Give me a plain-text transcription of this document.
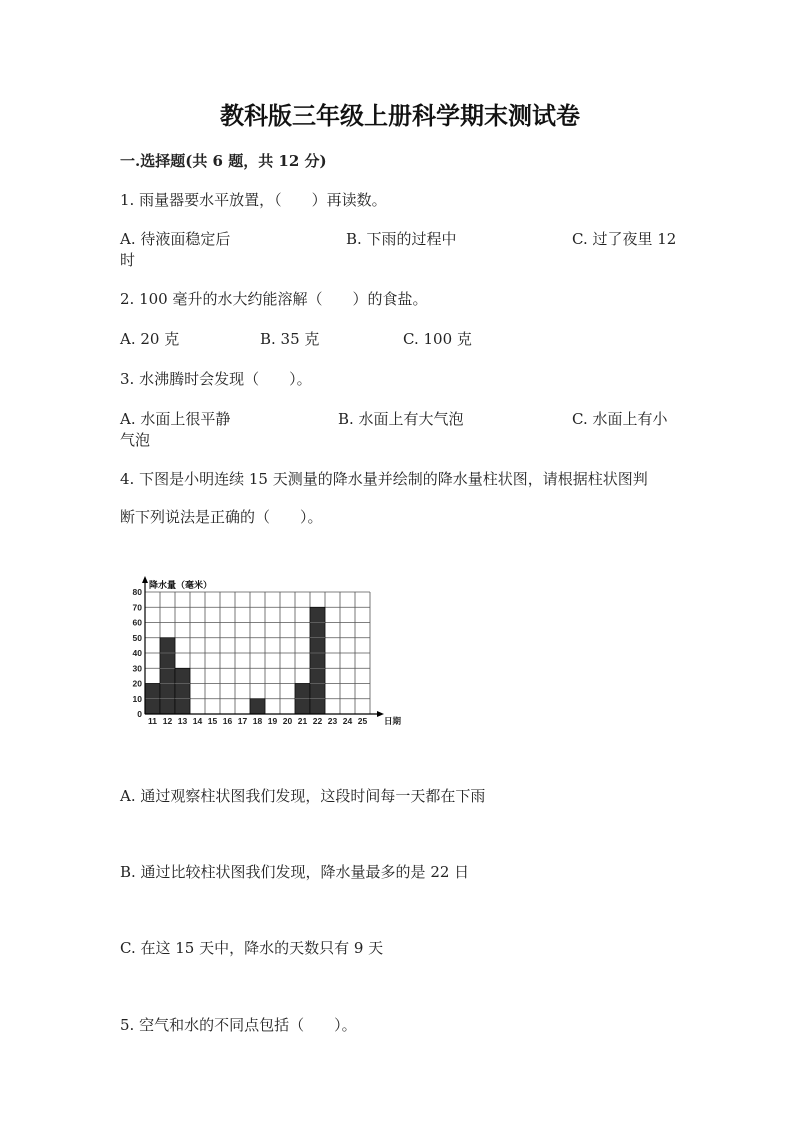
教科版三年级上册科学期末测试卷
一.选择题(共 6 题，共 12 分)
1. 雨量器要水平放置，（　　）再读数。
A. 待液面稳定后	B. 下雨的过程中	C. 过了夜里 12
时
2. 100 毫升的水大约能溶解（　　）的食盐。
A. 20 克	B. 35 克	C. 100 克
3. 水沸腾时会发现（　　）。
A. 水面上很平静	B. 水面上有大气泡	C. 水面上有小
气泡
4. 下图是小明连续 15 天测量的降水量并绘制的降水量柱状图，请根据柱状图判
断下列说法是正确的（　　）。
0
10
20
30
40
50
60
70
80
11 12 13 14 15 16 17 18 19 20 21 22 23 24 25
降水量（毫米）
日期
A. 通过观察柱状图我们发现，这段时间每一天都在下雨
B. 通过比较柱状图我们发现，降水量最多的是 22 日
C. 在这 15 天中，降水的天数只有 9 天
5. 空气和水的不同点包括（　　）。
